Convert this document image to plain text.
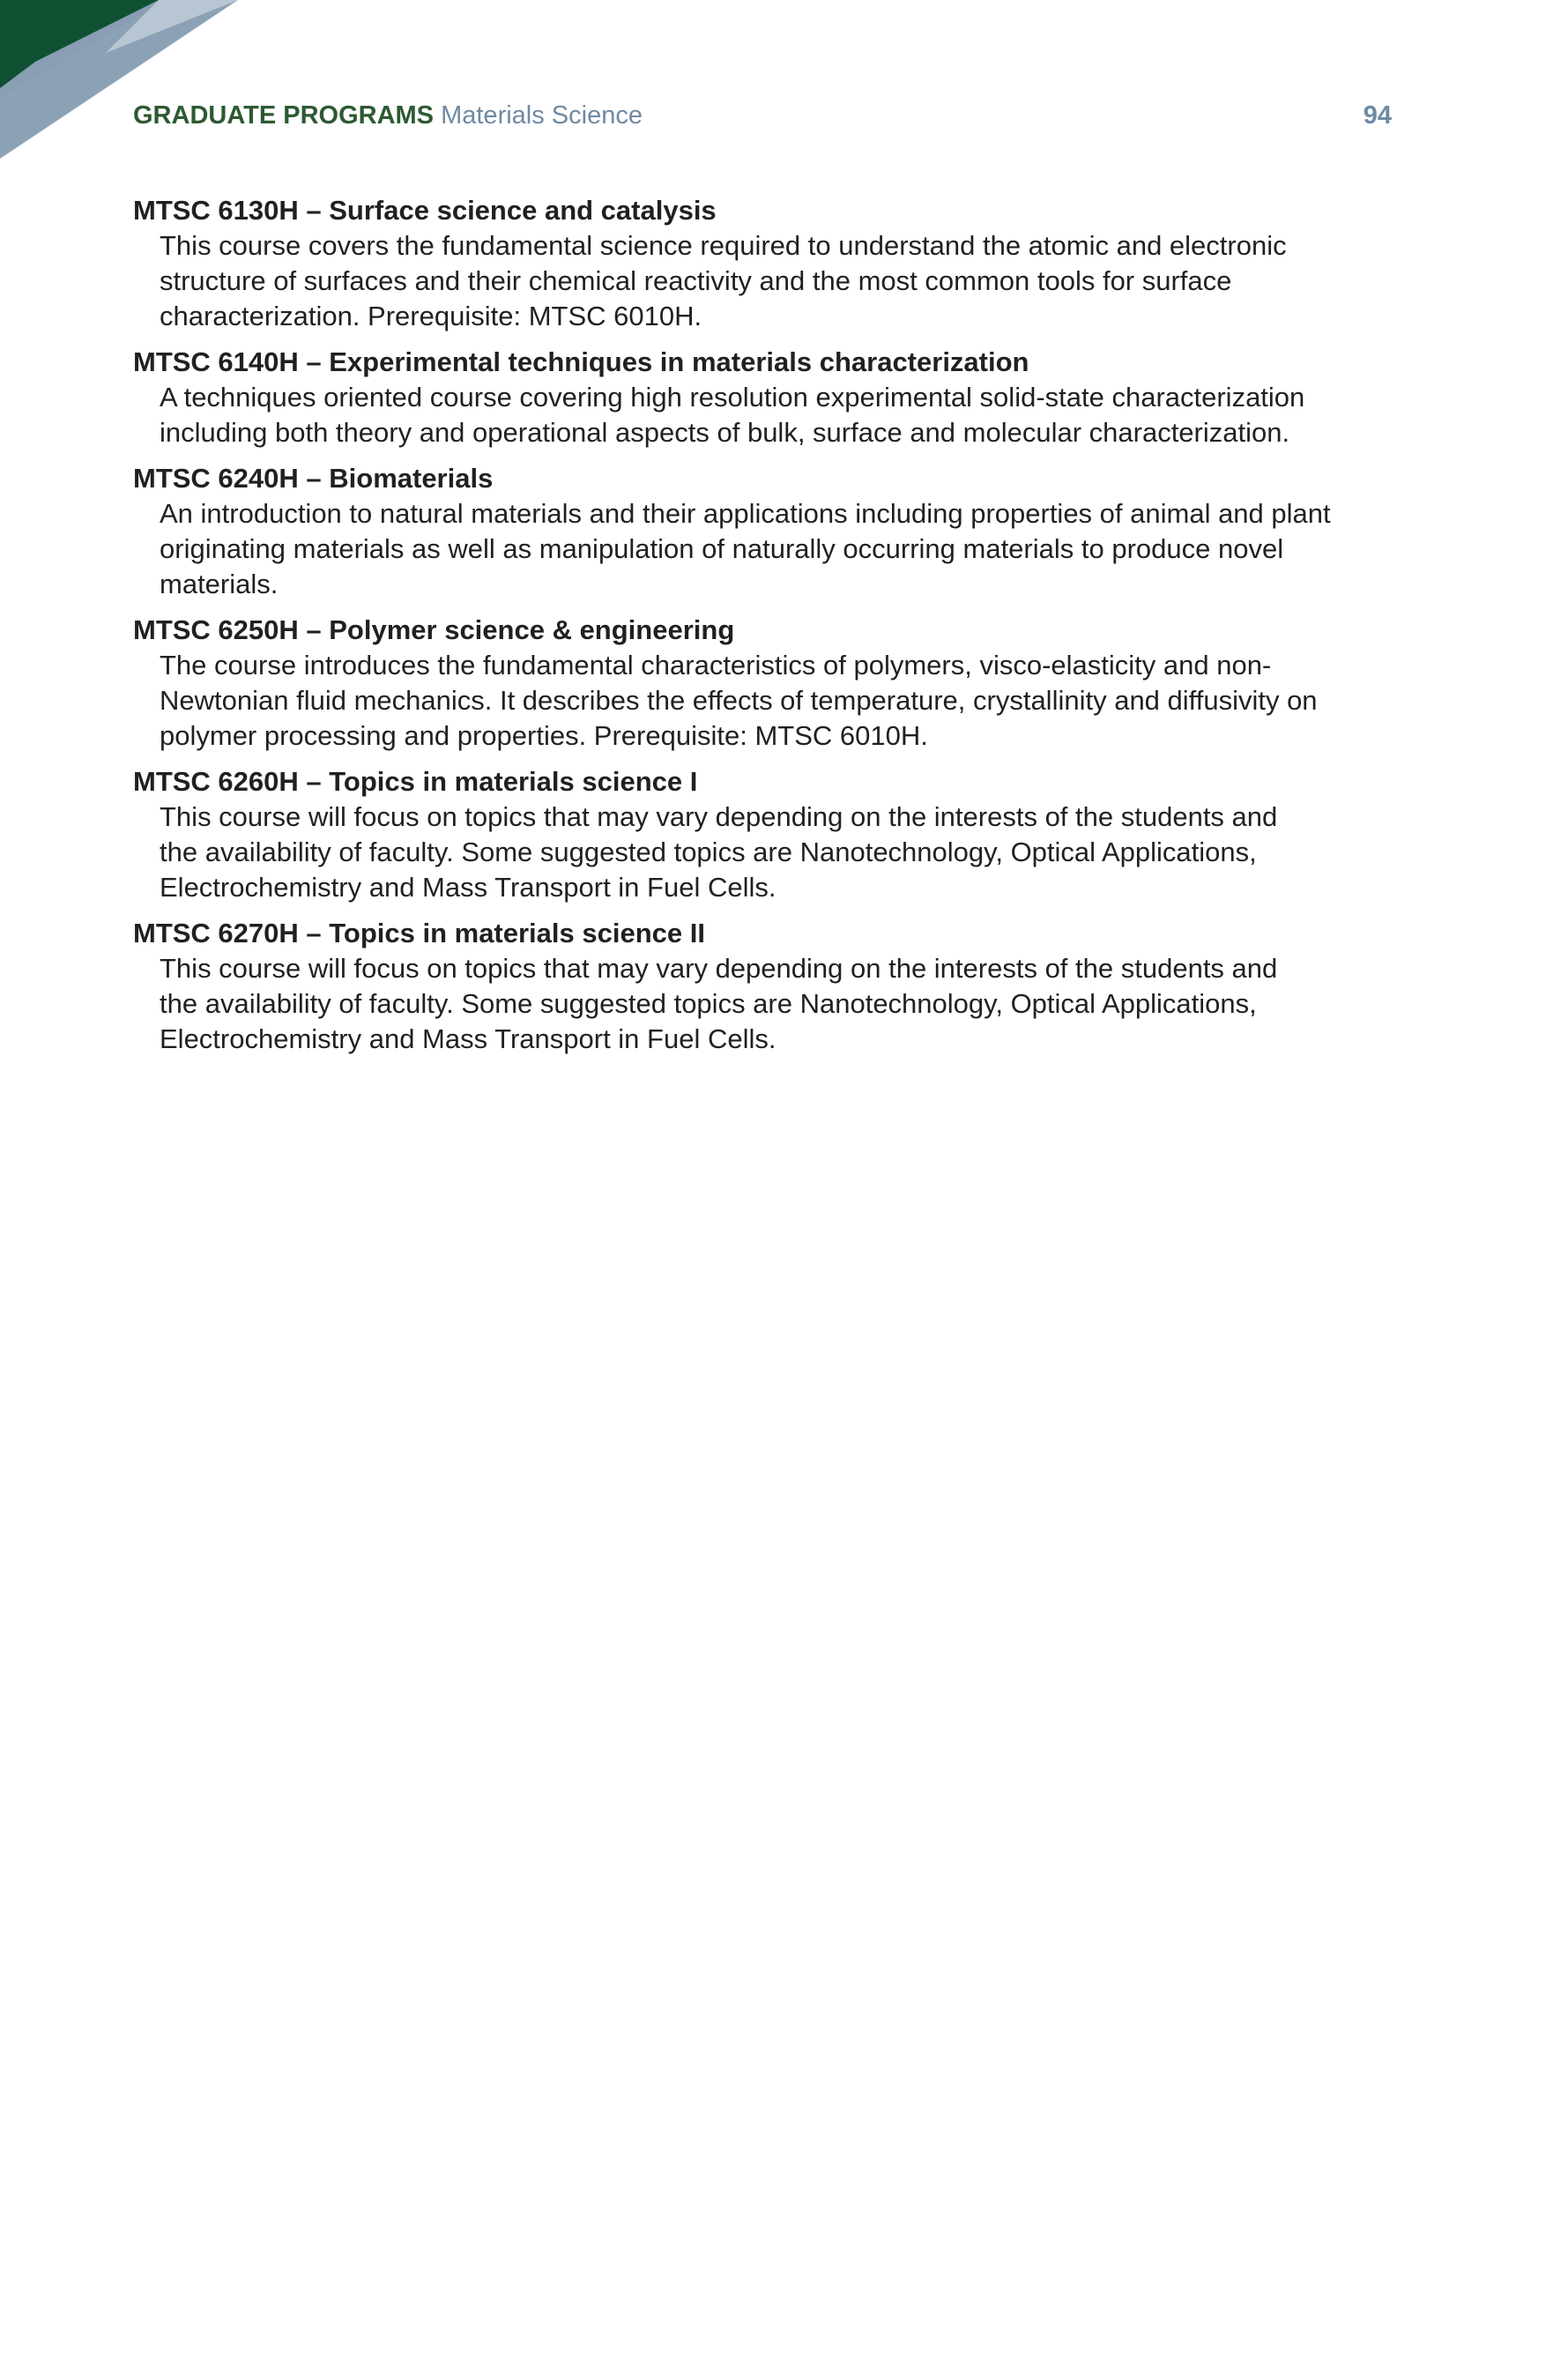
GRADUATE PROGRAMS Materials Science	94
MTSC 6130H – Surface science and catalysis
This course covers the fundamental science required to understand the atomic and electronic
structure of surfaces and their chemical reactivity and the most common tools for surface
characterization. Prerequisite: MTSC 6010H.
MTSC 6140H – Experimental techniques in materials characterization
A techniques oriented course covering high resolution experimental solid-state characterization
including both theory and operational aspects of bulk, surface and molecular characterization.
MTSC 6240H – Biomaterials
An introduction to natural materials and their applications including properties of animal and plant
originating materials as well as manipulation of naturally occurring materials to produce novel
materials.
MTSC 6250H – Polymer science & engineering
The course introduces the fundamental characteristics of polymers, visco-elasticity and non-
Newtonian fluid mechanics. It describes the effects of temperature, crystallinity and diffusivity on
polymer processing and properties. Prerequisite: MTSC 6010H.
MTSC 6260H – Topics in materials science I
This course will focus on topics that may vary depending on the interests of the students and
the availability of faculty. Some suggested topics are Nanotechnology, Optical Applications,
Electrochemistry and Mass Transport in Fuel Cells.
MTSC 6270H – Topics in materials science II
This course will focus on topics that may vary depending on the interests of the students and
the availability of faculty. Some suggested topics are Nanotechnology, Optical Applications,
Electrochemistry and Mass Transport in Fuel Cells.
